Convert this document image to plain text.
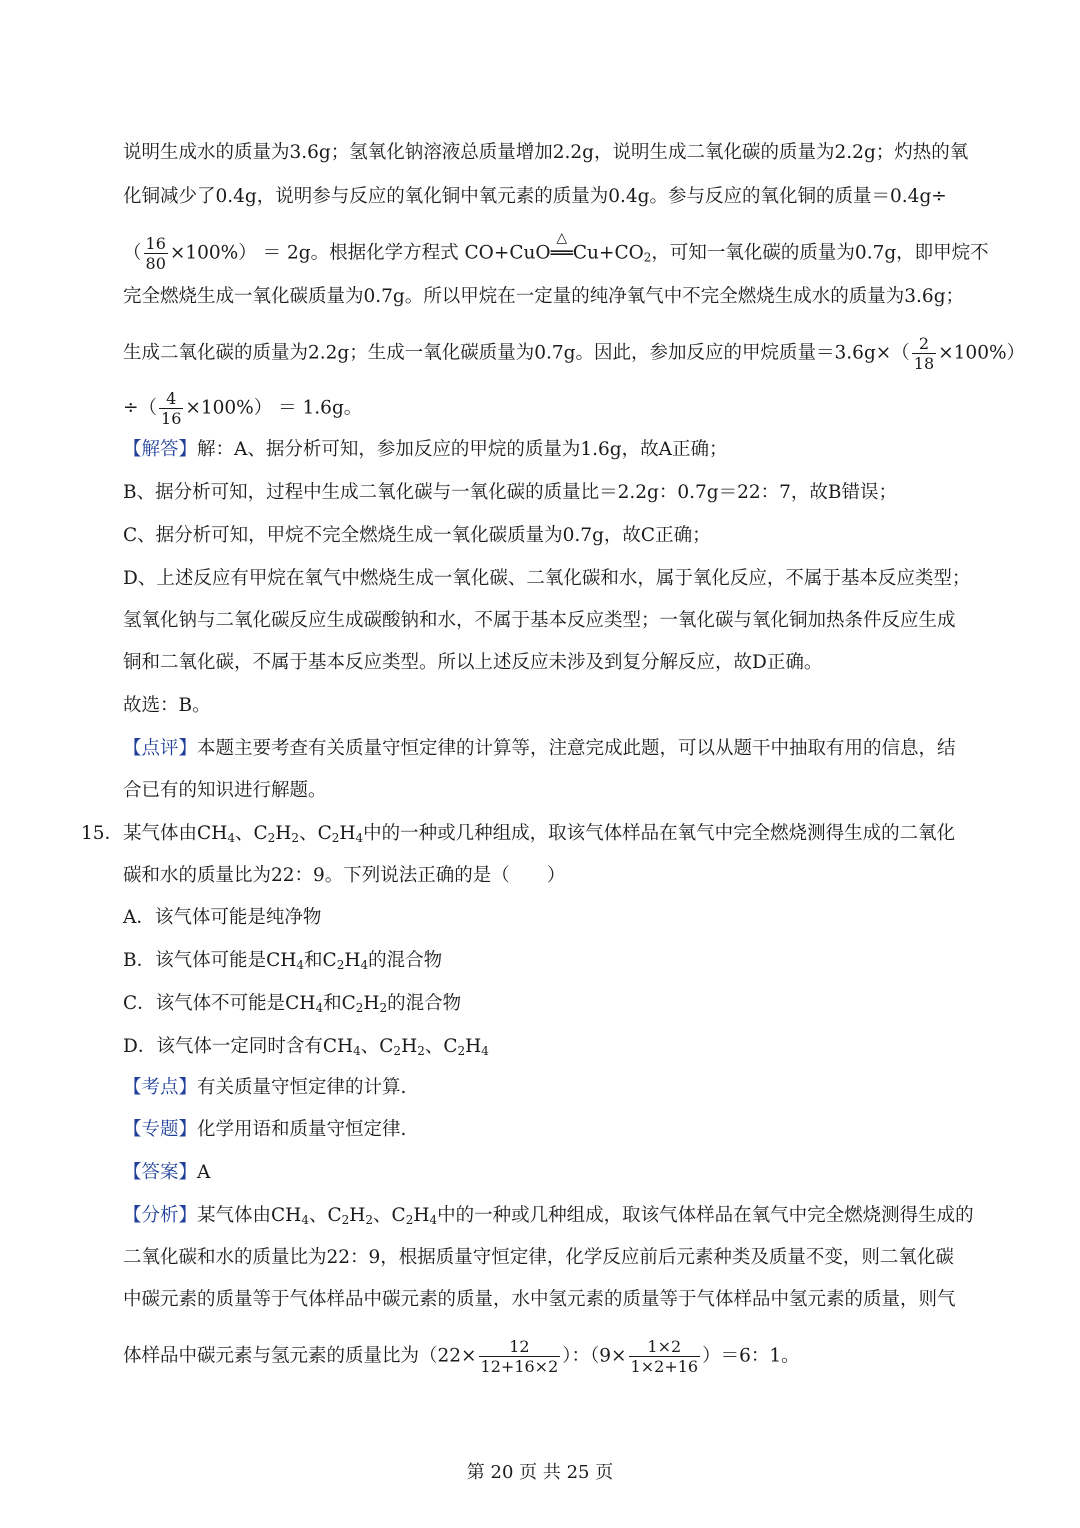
说明生成水的质量为3.6g；氢氧化钠溶液总质量增加2.2g，说明生成二氧化碳的质量为2.2g；灼热的氧
化铜减少了0.4g，说明参与反应的氧化铜中氧元素的质量为0.4g。参与反应的氧化铜的质量＝0.4g÷
（ $\frac{16}{80} \times 100\%) = 2g$。根据化学方程式 CO+CuO
△
$══Cu+CO_2$，可知一氧化碳的质量为0.7g，即甲烷不
完全燃烧生成一氧化碳质量为0.7g。所以甲烷在一定量的纯净氧气中不完全燃烧生成水的质量为3.6g；
生成二氧化碳的质量为2.2g；生成一氧化碳质量为0.7g。因此，参加反应的甲烷质量$=3.6g\times( \frac{2}{18} \times 100\%)$
÷（ $\frac{4}{16} \times 100\%) = 1.6g$。
【解答】解：A、据分析可知，参加反应的甲烷的质量为1.6g，故A正确；
B、据分析可知，过程中生成二氧化碳与一氧化碳的质量比＝2.2g：0.7g＝22：7，故B错误；
C、据分析可知，甲烷不完全燃烧生成一氧化碳质量为0.7g，故C正确；
D、上述反应有甲烷在氧气中燃烧生成一氧化碳、二氧化碳和水，属于氧化反应，不属于基本反应类型；
氢氧化钠与二氧化碳反应生成碳酸钠和水，不属于基本反应类型；一氧化碳与氧化铜加热条件反应生成
铜和二氧化碳，不属于基本反应类型。所以上述反应未涉及到复分解反应，故D正确。
故选：B。
【点评】本题主要考查有关质量守恒定律的计算等，注意完成此题，可以从题干中抽取有用的信息，结
合已有的知识进行解题。
15．某气体由$CH_4$、$C_2H_2$、$C_2H_4$中的一种或几种组成，取该气体样品在氧气中完全燃烧测得生成的二氧化
碳和水的质量比为22：9。下列说法正确的是（　　）
A．该气体可能是纯净物
B．该气体可能是$CH_4$和$C_2H_4$的混合物
C．该气体不可能是$CH_4$和$C_2H_2$的混合物
D．该气体一定同时含有$CH_4$、$C_2H_2$、$C_2H_4$
【考点】有关质量守恒定律的计算.
【专题】化学用语和质量守恒定律.
【答案】A
【分析】某气体由$CH_4$、$C_2H_2$、$C_2H_4$中的一种或几种组成，取该气体样品在氧气中完全燃烧测得生成的
二氧化碳和水的质量比为22：9，根据质量守恒定律，化学反应前后元素种类及质量不变，则二氧化碳
中碳元素的质量等于气体样品中碳元素的质量，水中氢元素的质量等于气体样品中氢元素的质量，则气
体样品中碳元素与氢元素的质量比为（$22\times \frac{12}{12+16\times 2}$ ）：$(9\times \frac{1\times 2}{1\times 2+16} )=6$：1。
第 20 页 共 25 页
